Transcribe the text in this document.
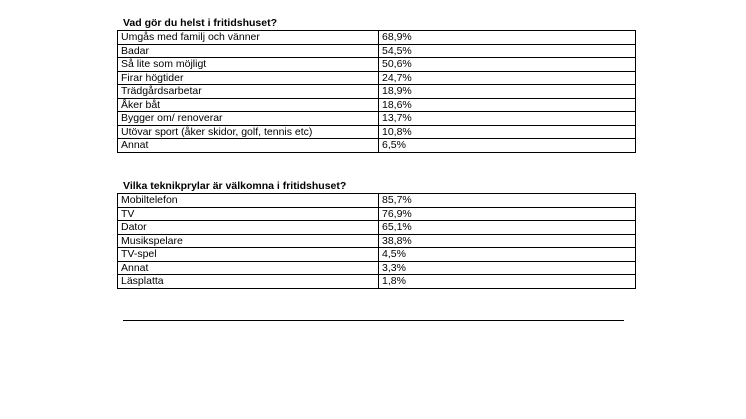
Vad gör du helst i fritidshuset?
Umgås med familj och vänner	68,9%
Badar	54,5%
Så lite som möjligt	50,6%
Firar högtider	24,7%
Trädgårdsarbetar	18,9%
Åker båt	18,6%
Bygger om/ renoverar	13,7%
Utövar sport (åker skidor, golf, tennis etc)	10,8%
Annat	6,5%
Vilka teknikprylar är välkomna i fritidshuset?
Mobiltelefon	85,7%
TV	76,9%
Dator	65,1%
Musikspelare	38,8%
TV-spel	4,5%
Annat	3,3%
Läsplatta	1,8%
